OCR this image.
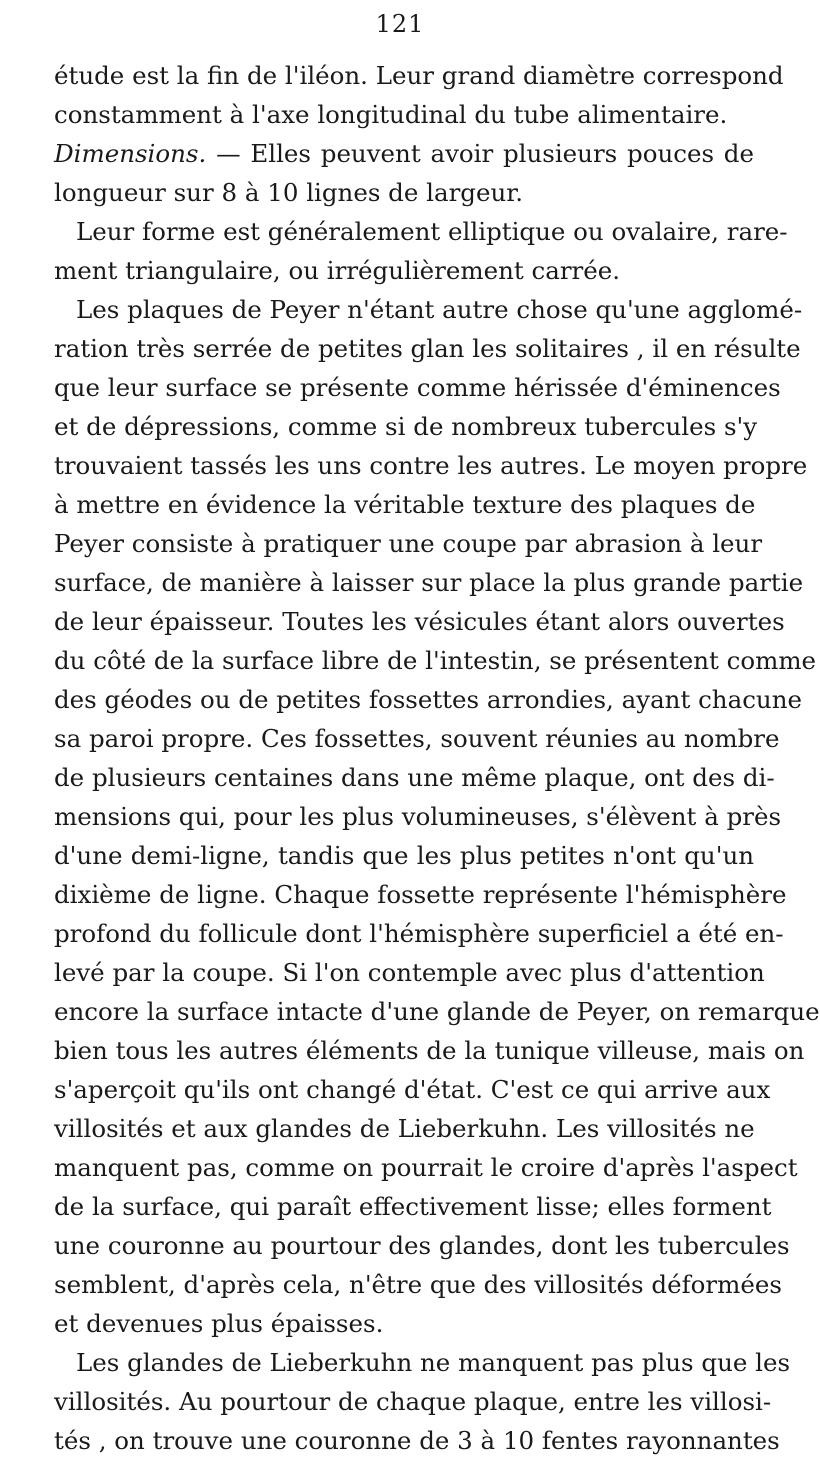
121
étude est la fin de l'iléon. Leur grand diamètre correspond
constamment à l'axe longitudinal du tube alimentaire.
Dimensions. — Elles peuvent avoir plusieurs pouces de
longueur sur 8 à 10 lignes de largeur.
Leur forme est généralement elliptique ou ovalaire, rare-
ment triangulaire, ou irrégulièrement carrée.
Les plaques de Peyer n'étant autre chose qu'une agglomé-
ration très serrée de petites glan les solitaires , il en résulte
que leur surface se présente comme hérissée d'éminences
et de dépressions, comme si de nombreux tubercules s'y
trouvaient tassés les uns contre les autres. Le moyen propre
à mettre en évidence la véritable texture des plaques de
Peyer consiste à pratiquer une coupe par abrasion à leur
surface, de manière à laisser sur place la plus grande partie
de leur épaisseur. Toutes les vésicules étant alors ouvertes
du côté de la surface libre de l'intestin, se présentent comme
des géodes ou de petites fossettes arrondies, ayant chacune
sa paroi propre. Ces fossettes, souvent réunies au nombre
de plusieurs centaines dans une même plaque, ont des di-
mensions qui, pour les plus volumineuses, s'élèvent à près
d'une demi-ligne, tandis que les plus petites n'ont qu'un
dixième de ligne. Chaque fossette représente l'hémisphère
profond du follicule dont l'hémisphère superficiel a été en-
levé par la coupe. Si l'on contemple avec plus d'attention
encore la surface intacte d'une glande de Peyer, on remarque
bien tous les autres éléments de la tunique villeuse, mais on
s'aperçoit qu'ils ont changé d'état. C'est ce qui arrive aux
villosités et aux glandes de Lieberkuhn. Les villosités ne
manquent pas, comme on pourrait le croire d'après l'aspect
de la surface, qui paraît effectivement lisse; elles forment
une couronne au pourtour des glandes, dont les tubercules
semblent, d'après cela, n'être que des villosités déformées
et devenues plus épaisses.
Les glandes de Lieberkuhn ne manquent pas plus que les
villosités. Au pourtour de chaque plaque, entre les villosi-
tés , on trouve une couronne de 3 à 10 fentes rayonnantes
